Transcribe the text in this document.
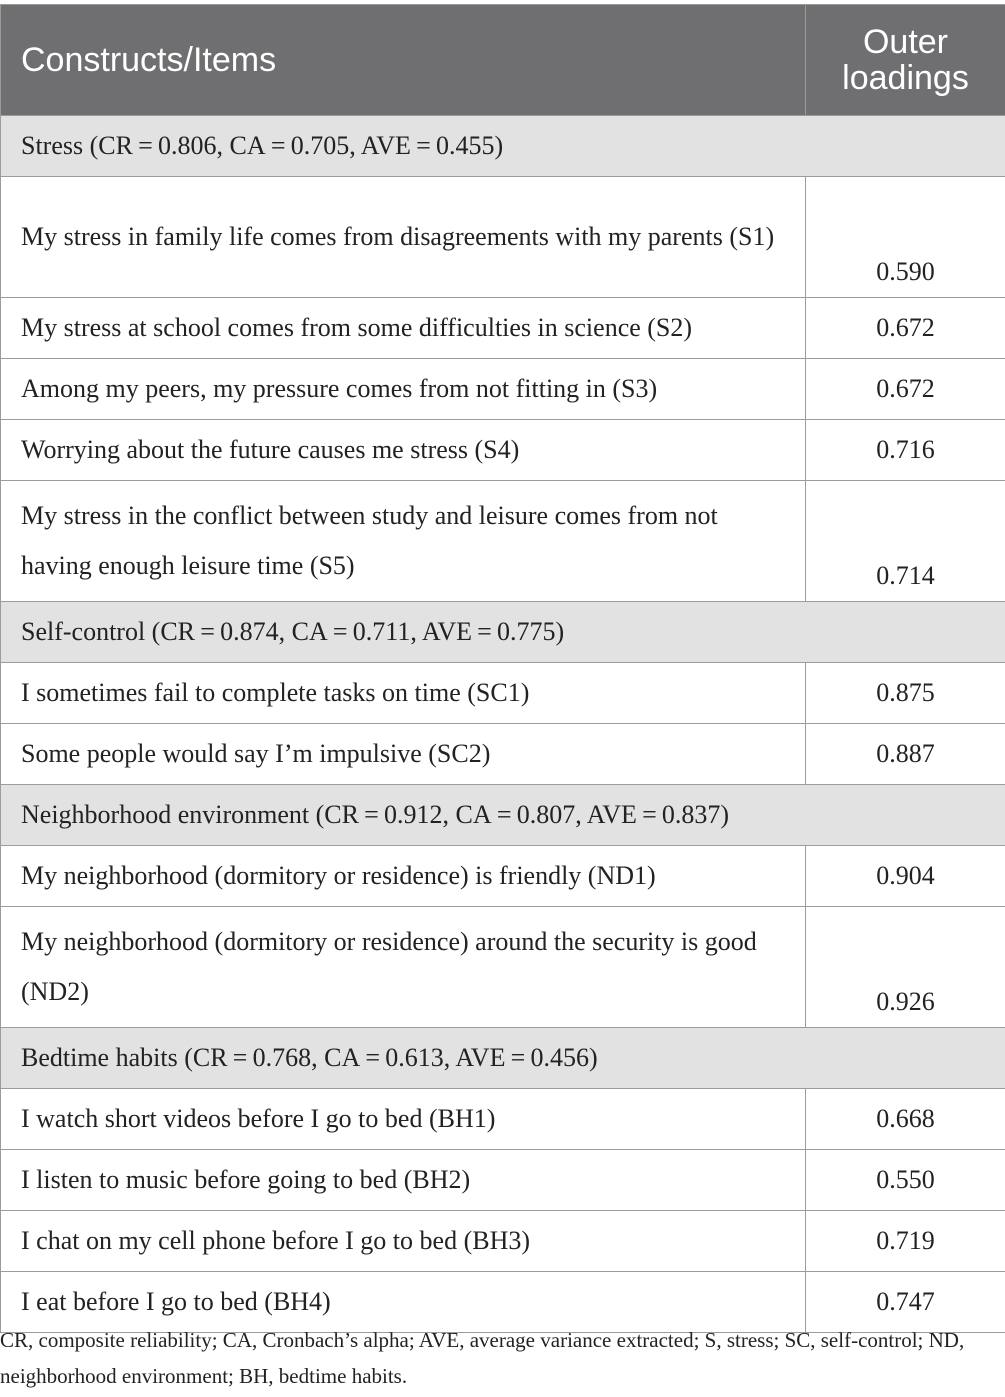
Constructs/Items	Outer
loadings

Stress (CR = 0.806, CA = 0.705, AVE = 0.455)	
My stress in family life comes from disagreements with my parents (S1)	0.590
My stress at school comes from some difficulties in science (S2)	0.672
Among my peers, my pressure comes from not fitting in (S3)	0.672
Worrying about the future causes me stress (S4)	0.716
My stress in the conflict between study and leisure comes from not having enough leisure time (S5)	0.714
Self-control (CR = 0.874, CA = 0.711, AVE = 0.775)	
I sometimes fail to complete tasks on time (SC1)	0.875
Some people would say I’m impulsive (SC2)	0.887
Neighborhood environment (CR = 0.912, CA = 0.807, AVE = 0.837)	
My neighborhood (dormitory or residence) is friendly (ND1)	0.904
My neighborhood (dormitory or residence) around the security is good (ND2)	0.926
Bedtime habits (CR = 0.768, CA = 0.613, AVE = 0.456)	
I watch short videos before I go to bed (BH1)	0.668
I listen to music before going to bed (BH2)	0.550
I chat on my cell phone before I go to bed (BH3)	0.719
I eat before I go to bed (BH4)	0.747

CR, composite reliability; CA, Cronbach’s alpha; AVE, average variance extracted; S, stress; SC, self-control; ND, neighborhood environment; BH, bedtime habits.
